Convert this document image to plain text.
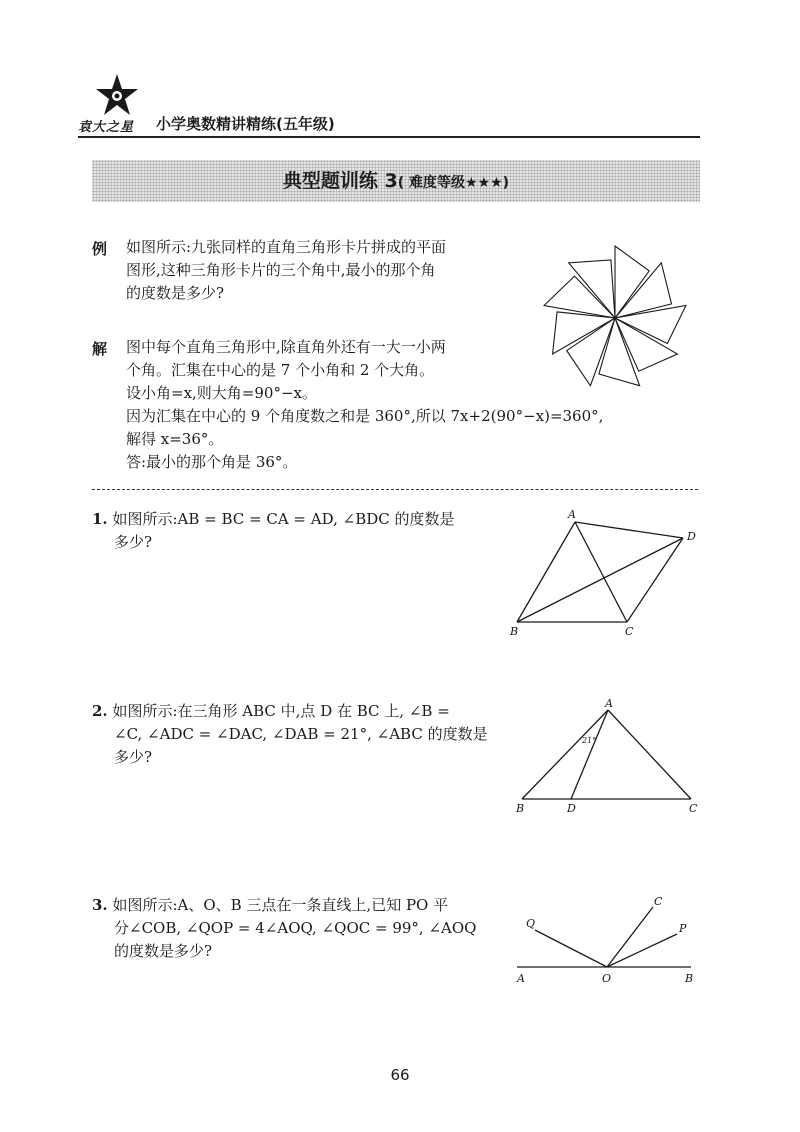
袁大之星 小学奥数精讲精练(五年级)
典型题训练 3( 难度等级★★★)
例 如图所示:九张同样的直角三角形卡片拼成的平面
图形,这种三角形卡片的三个角中,最小的那个角
的度数是多少?
解 图中每个直角三角形中,除直角外还有一大一小两
个角。汇集在中心的是 7 个小角和 2 个大角。
设小角=x,则大角=90°−x。
因为汇集在中心的 9 个角度数之和是 360°,所以 7x+2(90°−x)=360°,
解得 x=36°。
答:最小的那个角是 36°。
1. 如图所示:AB = BC = CA = AD, ∠BDC 的度数是
多少?
A
D
B	C
2. 如图所示:在三角形 ABC 中,点 D 在 BC 上, ∠B =
∠C, ∠ADC = ∠DAC, ∠DAB = 21°, ∠ABC 的度数是
多少?
A
21°
B	D	C
3. 如图所示:A、O、B 三点在一条直线上,已知 PO 平
分∠COB, ∠QOP = 4∠AOQ, ∠QOC = 99°, ∠AOQ
的度数是多少?
Q
C
P
A	O	B
66
